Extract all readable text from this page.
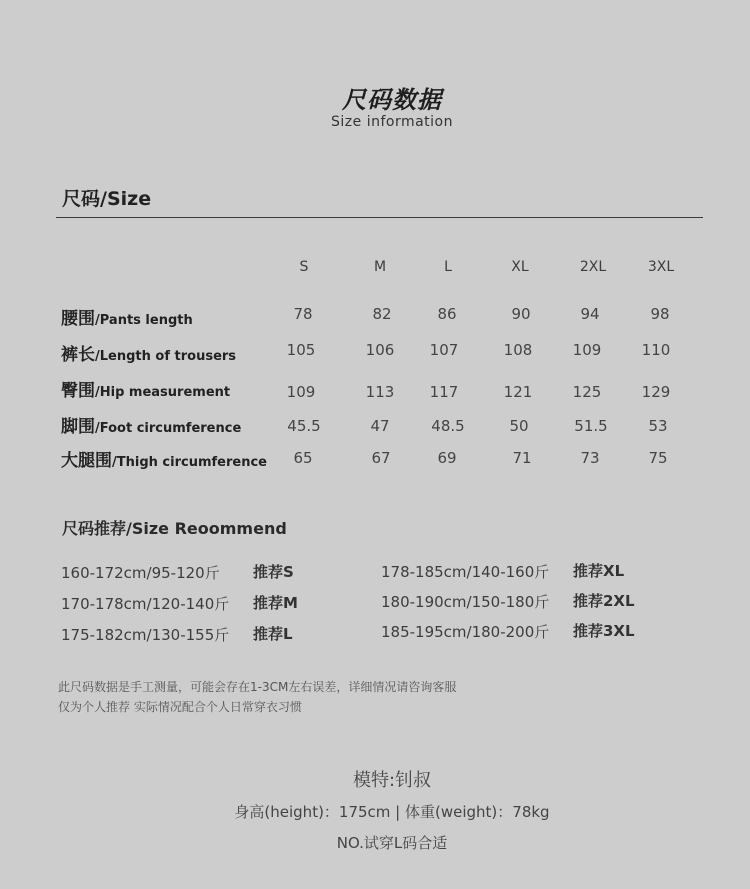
尺码数据
Size information
尺码/Size
S	M	L	XL	2XL	3XL
腰围/Pants length	78	82	86	90	94	98
裤长/Length of trousers	105	106	107	108	109	110
臀围/Hip measurement	109	113	117	121	125	129
脚围/Foot circumference	45.5	47	48.5	50	51.5	53
大腿围/Thigh circumference	65	67	69	71	73	75
尺码推荐/Size Reoommend
160-172cm/95-120斤 推荐S
170-178cm/120-140斤 推荐M
175-182cm/130-155斤 推荐L
178-185cm/140-160斤 推荐XL
180-190cm/150-180斤 推荐2XL
185-195cm/180-200斤 推荐3XL
此尺码数据是手工测量，可能会存在1-3CM左右误差，详细情况请咨询客服
仅为个人推荐 实际情况配合个人日常穿衣习惯
模特:钊叔
身高(height)：175cm | 体重(weight)：78kg
NO.试穿L码合适
